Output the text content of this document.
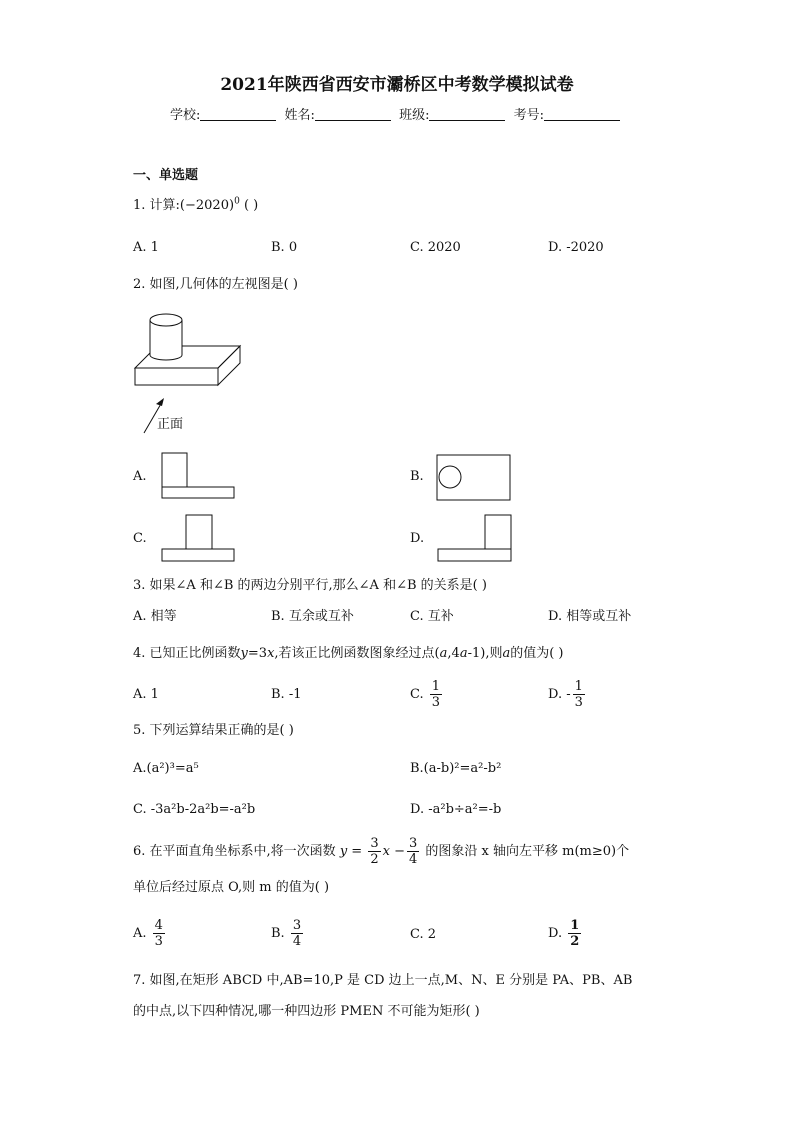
2021年陕西省西安市灞桥区中考数学模拟试卷
学校:	姓名:	班级:	考号:
一、单选题
1. 计算$:(-2020)^0$ ( )
A. 1	B. 0	C. 2020	D. -2020
2. 如图,几何体的左视图是( )
正面
A.	B.
C.	D.
3. 如果∠A 和∠B 的两边分别平行,那么∠A 和∠B 的关系是( )
A. 相等	B. 互余或互补	C. 互补	D. 相等或互补
4. 已知正比例函数y=3x,若该正比例函数图象经过点(a,4a-1),则a的值为( )
A. 1	B. -1	C. $\frac{1}{3}$	D. - $\frac{1}{3}$
5. 下列运算结果正确的是( )
A.(a²)³=a⁵	B.(a-b)²=a²-b²
C. -3a²b-2a²b=-a²b	D. -a²b÷a²=-b
6. 在平面直角坐标系中,将一次函数 $y = \frac{3}{2}$ $x - \frac{3}{4}$ 的图象沿 x 轴向左平移 m(m≥0)个
单位后经过原点 O,则 m 的值为( )
A. $\frac{4}{3}$	B. $\frac{3}{4}$	C. 2	D. $\frac{1}{2}$
7. 如图,在矩形 ABCD 中,AB=10,P 是 CD 边上一点,M、N、E 分别是 PA、PB、AB
的中点,以下四种情况,哪一种四边形 PMEN 不可能为矩形( )
